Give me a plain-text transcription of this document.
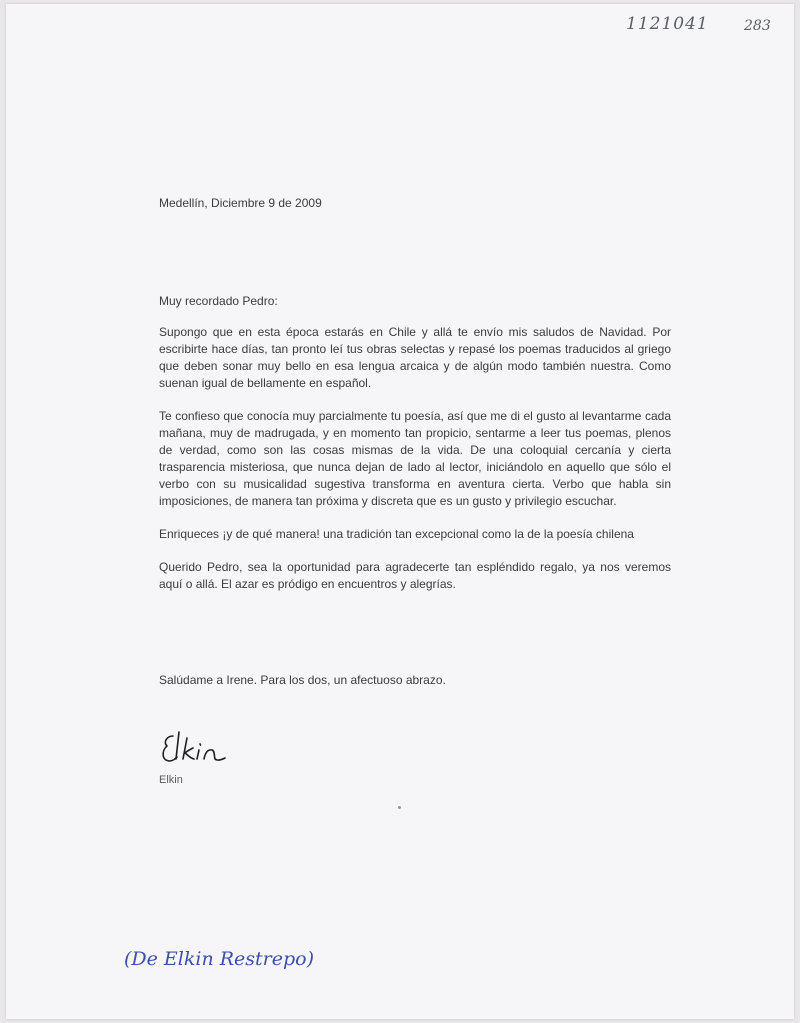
1121041	283
Medellín, Diciembre 9 de 2009
Muy recordado Pedro:

Supongo que en esta época estarás en Chile y allá te envío mis saludos de Navidad. Por escribirte hace días, tan pronto leí tus obras selectas y repasé los poemas traducidos al griego que deben sonar muy bello en esa lengua arcaica y de algún modo también nuestra. Como suenan igual de bellamente en español.

Te confieso que conocía muy parcialmente tu poesía, así que me di el gusto al levantarme cada mañana, muy de madrugada, y en momento tan propicio, sentarme a leer tus poemas, plenos de verdad, como son las cosas mismas de la vida. De una coloquial cercanía y cierta trasparencia misteriosa, que nunca dejan de lado al lector, iniciándolo en aquello que sólo el verbo con su musicalidad sugestiva transforma en aventura cierta. Verbo que habla sin imposiciones, de manera tan próxima y discreta que es un gusto y privilegio escuchar.

Enriqueces ¡y de qué manera! una tradición tan excepcional como la de la poesía chilena

Querido Pedro, sea la oportunidad para agradecerte tan espléndido regalo, ya nos veremos aquí o allá. El azar es pródigo en encuentros y alegrías.

Salúdame a Irene. Para los dos, un afectuoso abrazo.
Elkin
(De Elkin Restrepo)
